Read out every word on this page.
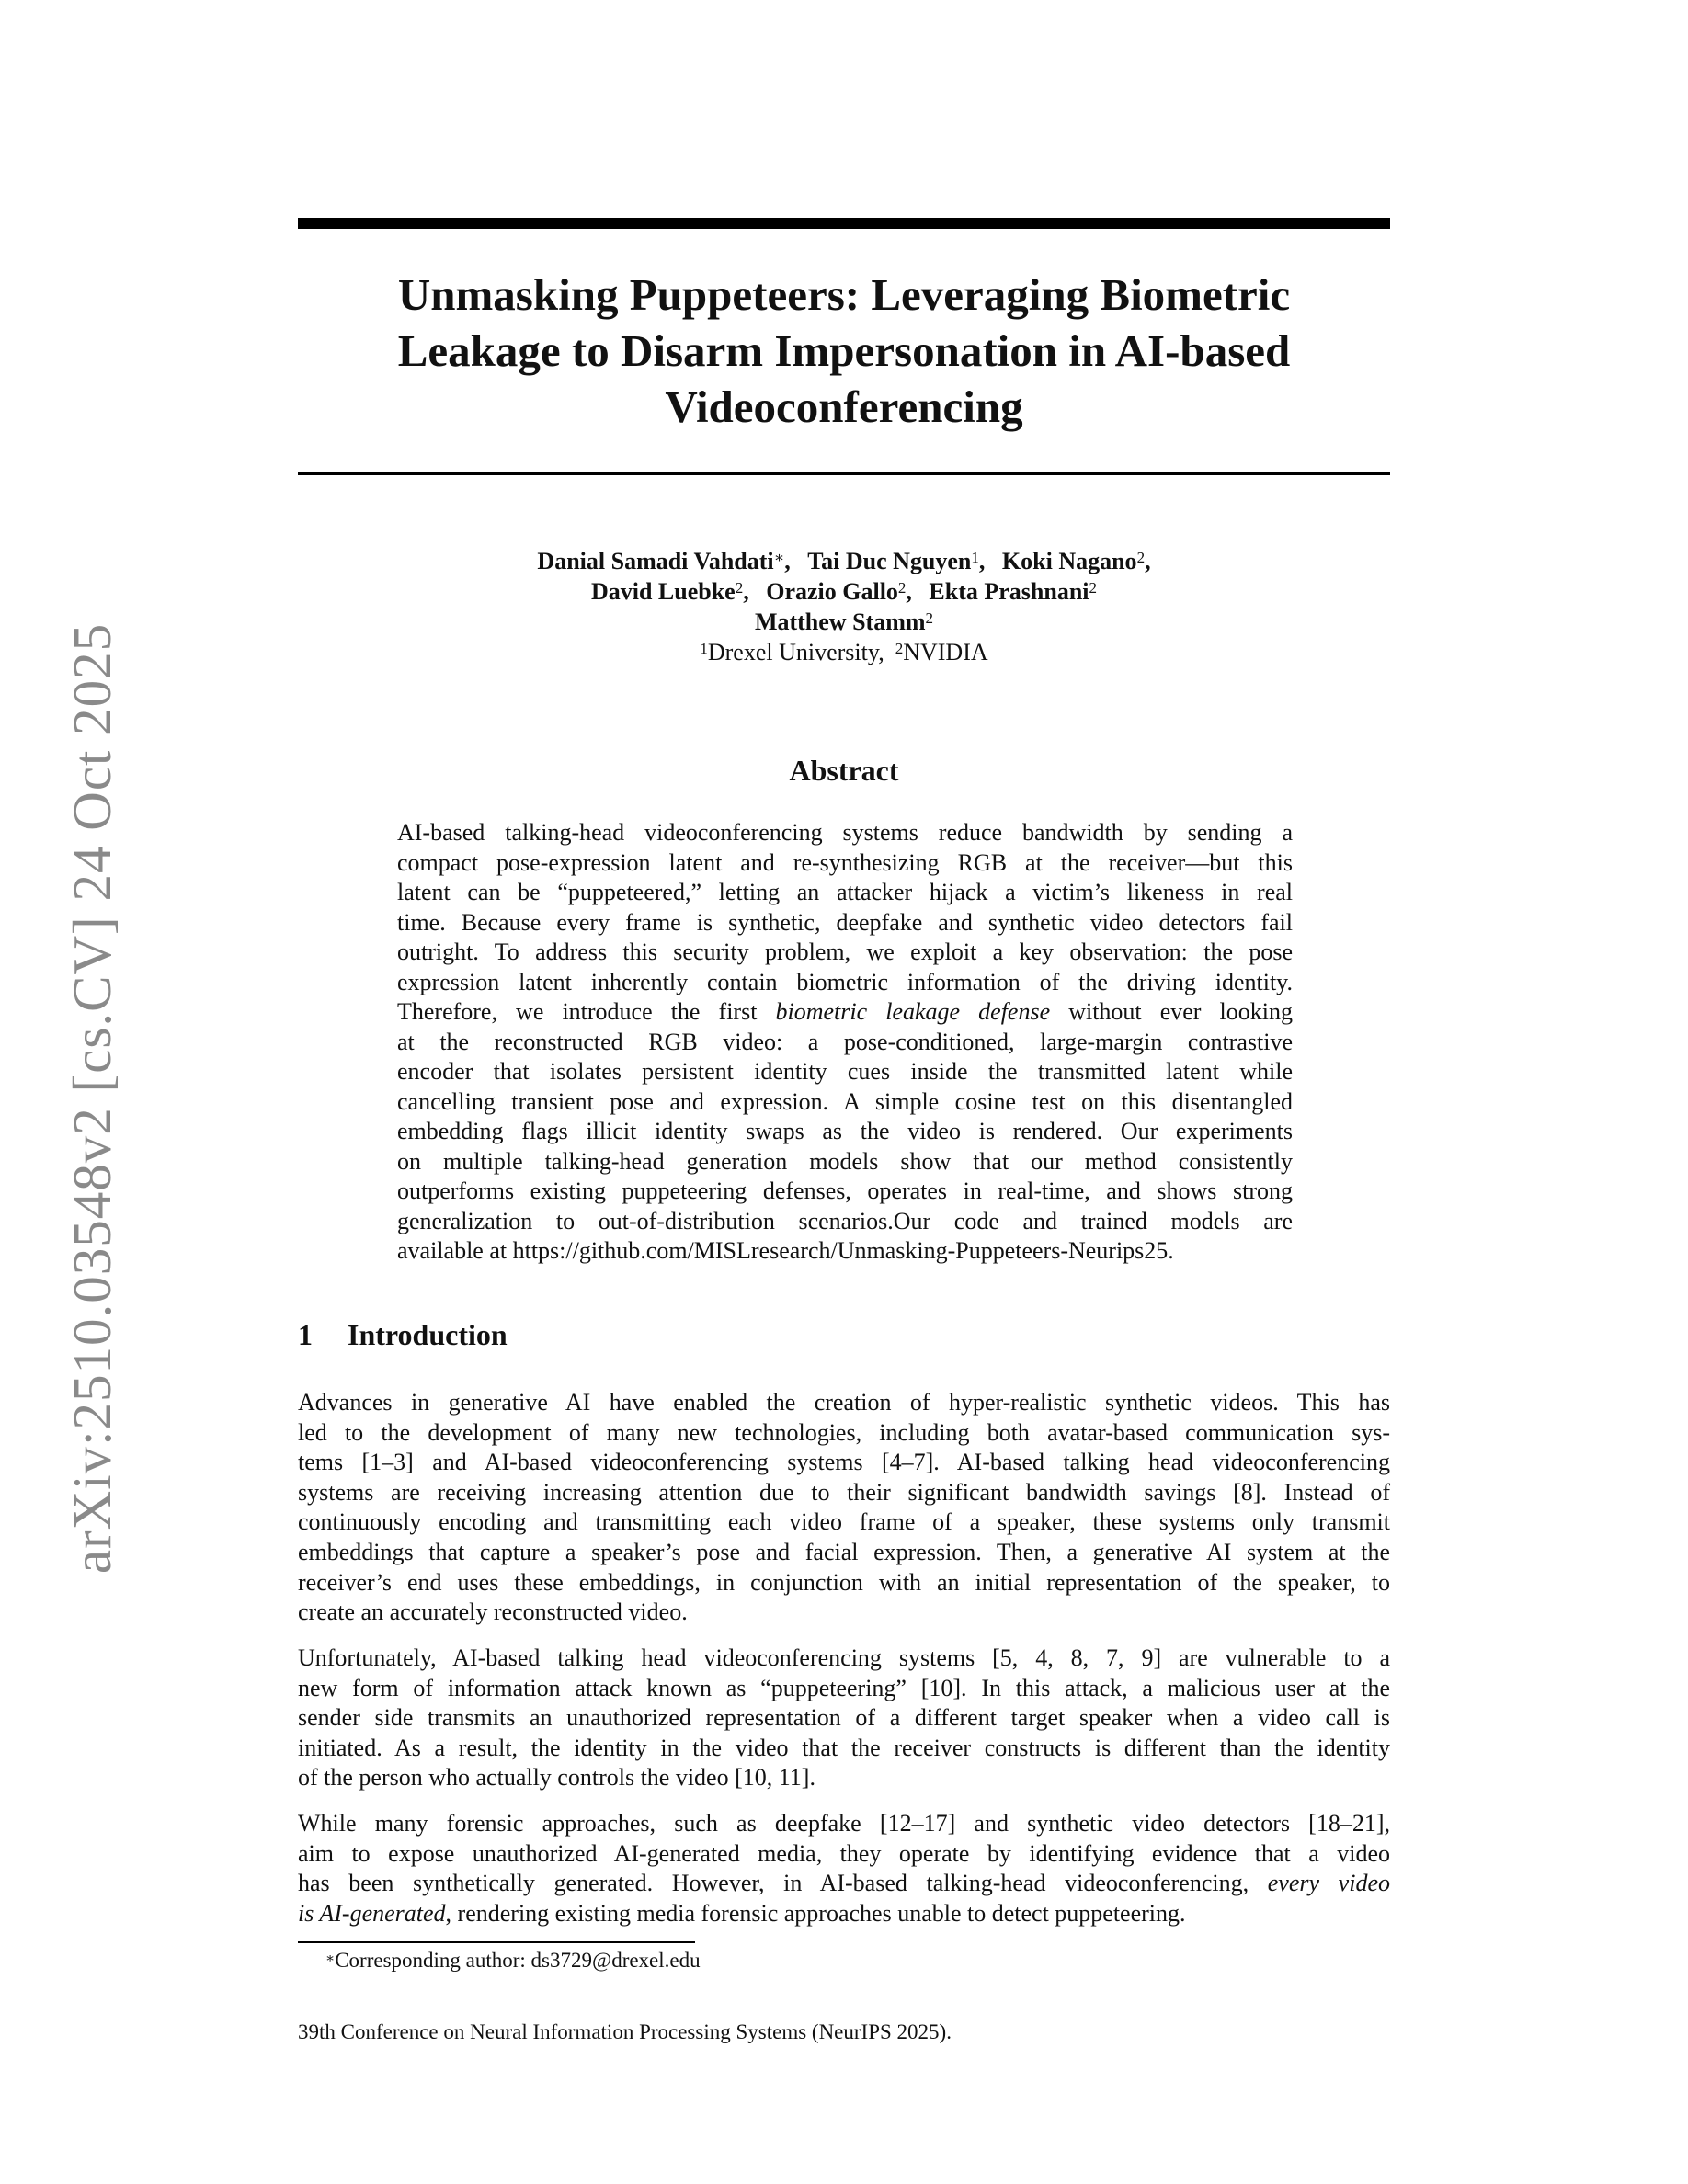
arXiv:2510.03548v2 [cs.CV] 24 Oct 2025
Unmasking Puppeteers: Leveraging Biometric
Leakage to Disarm Impersonation in AI-based
Videoconferencing
Danial Samadi Vahdati∗, Tai Duc Nguyen$^1$, Koki Nagano$^2$,
David Luebke$^2$, Orazio Gallo$^2$, Ekta Prashnani$^2$
Matthew Stamm$^2$
$^1$Drexel University, $^2$NVIDIA
Abstract
AI-based talking-head videoconferencing systems reduce bandwidth by sending a
compact pose-expression latent and re-synthesizing RGB at the receiver—but this
latent can be “puppeteered,” letting an attacker hijack a victim’s likeness in real
time. Because every frame is synthetic, deepfake and synthetic video detectors fail
outright. To address this security problem, we exploit a key observation: the pose
expression latent inherently contain biometric information of the driving identity.
Therefore, we introduce the first biometric leakage defense without ever looking
at the reconstructed RGB video: a pose-conditioned, large-margin contrastive
encoder that isolates persistent identity cues inside the transmitted latent while
cancelling transient pose and expression. A simple cosine test on this disentangled
embedding flags illicit identity swaps as the video is rendered. Our experiments
on multiple talking-head generation models show that our method consistently
outperforms existing puppeteering defenses, operates in real-time, and shows strong
generalization to out-of-distribution scenarios.Our code and trained models are
available at https://github.com/MISLresearch/Unmasking-Puppeteers-Neurips25.
1 Introduction
Advances in generative AI have enabled the creation of hyper-realistic synthetic videos. This has
led to the development of many new technologies, including both avatar-based communication sys-
tems [1–3] and AI-based videoconferencing systems [4–7]. AI-based talking head videoconferencing
systems are receiving increasing attention due to their significant bandwidth savings [8]. Instead of
continuously encoding and transmitting each video frame of a speaker, these systems only transmit
embeddings that capture a speaker’s pose and facial expression. Then, a generative AI system at the
receiver’s end uses these embeddings, in conjunction with an initial representation of the speaker, to
create an accurately reconstructed video.
Unfortunately, AI-based talking head videoconferencing systems [5, 4, 8, 7, 9] are vulnerable to a
new form of information attack known as “puppeteering” [10]. In this attack, a malicious user at the
sender side transmits an unauthorized representation of a different target speaker when a video call is
initiated. As a result, the identity in the video that the receiver constructs is different than the identity
of the person who actually controls the video [10, 11].
While many forensic approaches, such as deepfake [12–17] and synthetic video detectors [18–21],
aim to expose unauthorized AI-generated media, they operate by identifying evidence that a video
has been synthetically generated. However, in AI-based talking-head videoconferencing, every video
is AI-generated, rendering existing media forensic approaches unable to detect puppeteering.
∗Corresponding author: ds3729@drexel.edu
39th Conference on Neural Information Processing Systems (NeurIPS 2025).
